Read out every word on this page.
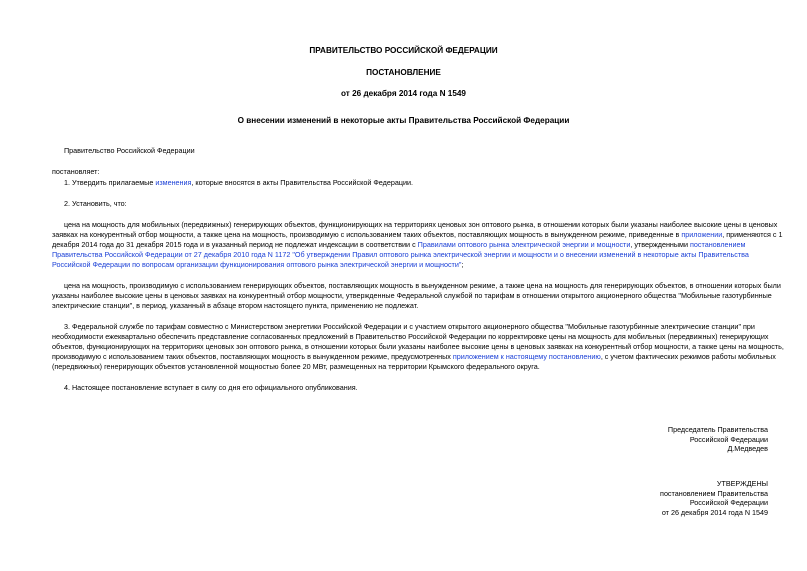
ПРАВИТЕЛЬСТВО РОССИЙСКОЙ ФЕДЕРАЦИИ
ПОСТАНОВЛЕНИЕ
от 26 декабря 2014 года N 1549
О внесении изменений в некоторые акты Правительства Российской Федерации
Правительство Российской Федерации
постановляет:
1. Утвердить прилагаемые изменения, которые вносятся в акты Правительства Российской Федерации.
2. Установить, что:
цена на мощность для мобильных (передвижных) генерирующих объектов, функционирующих на территориях ценовых зон оптового рынка, в отношении которых были указаны наиболее высокие цены в ценовых
заявках на конкурентный отбор мощности, а также цена на мощность, производимую с использованием таких объектов, поставляющих мощность в вынужденном режиме, приведенные в приложении, применяются с 1
декабря 2014 года до 31 декабря 2015 года и в указанный период не подлежат индексации в соответствии с Правилами оптового рынка электрической энергии и мощности, утвержденными постановлением
Правительства Российской Федерации от 27 декабря 2010 года N 1172 "Об утверждении Правил оптового рынка электрической энергии и мощности и о внесении изменений в некоторые акты Правительства
Российской Федерации по вопросам организации функционирования оптового рынка электрической энергии и мощности";
цена на мощность, производимую с использованием генерирующих объектов, поставляющих мощность в вынужденном режиме, а также цена на мощность для генерирующих объектов, в отношении которых были
указаны наиболее высокие цены в ценовых заявках на конкурентный отбор мощности, утвержденные Федеральной службой по тарифам в отношении открытого акционерного общества "Мобильные газотурбинные
электрические станции", в период, указанный в абзаце втором настоящего пункта, применению не подлежат.
3. Федеральной службе по тарифам совместно с Министерством энергетики Российской Федерации и с участием открытого акционерного общества "Мобильные газотурбинные электрические станции" при
необходимости ежеквартально обеспечить представление согласованных предложений в Правительство Российской Федерации по корректировке цены на мощность для мобильных (передвижных) генерирующих
объектов, функционирующих на территориях ценовых зон оптового рынка, в отношении которых были указаны наиболее высокие цены в ценовых заявках на конкурентный отбор мощности, а также цены на мощность,
производимую с использованием таких объектов, поставляющих мощность в вынужденном режиме, предусмотренных приложением к настоящему постановлению, с учетом фактических режимов работы мобильных
(передвижных) генерирующих объектов установленной мощностью более 20 МВт, размещенных на территории Крымского федерального округа.
4. Настоящее постановление вступает в силу со дня его официального опубликования.
Председатель Правительства
Российской Федерации
Д.Медведев
УТВЕРЖДЕНЫ
постановлением Правительства
Российской Федерации
от 26 декабря 2014 года N 1549
